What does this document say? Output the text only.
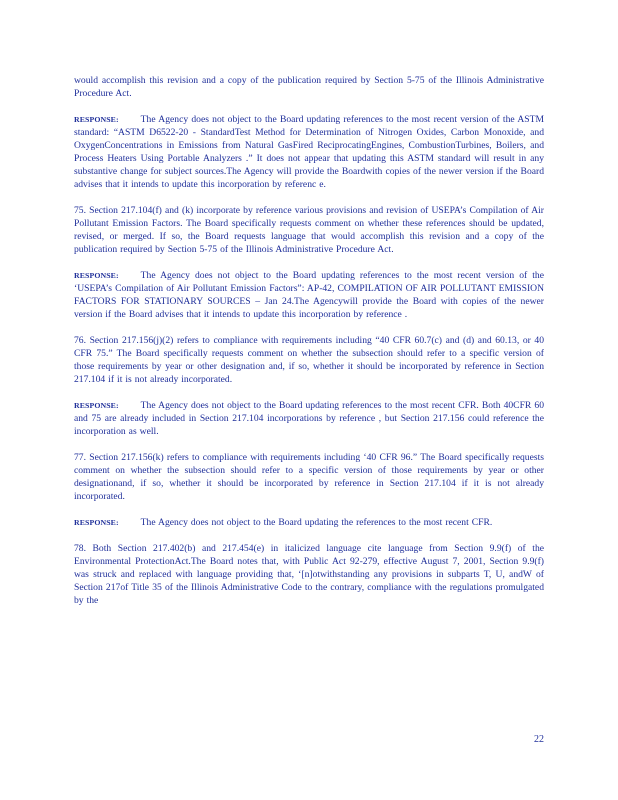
would accomplish this revision and a copy of the publication required by Section 5-75 of the Illinois Administrative Procedure Act.

RESPONSE: The Agency does not object to the Board updating references to the most recent version of the ASTM standard: “ASTM D6522-20 - StandardTest Method for Determination of Nitrogen Oxides, Carbon Monoxide, and OxygenConcentrations in Emissions from Natural GasFired ReciprocatingEngines, CombustionTurbines, Boilers, and Process Heaters Using Portable Analyzers .” It does not appear that updating this ASTM standard will result in any substantive change for subject sources.The Agency will provide the Boardwith copies of the newer version if the Board advises that it intends to update this incorporation by referenc e.

75. Section 217.104(f) and (k) incorporate by reference various provisions and revision of USEPA’s Compilation of Air Pollutant Emission Factors. The Board specifically requests comment on whether these references should be updated, revised, or merged. If so, the Board requests language that would accomplish this revision and a copy of the publication required by Section 5-75 of the Illinois Administrative Procedure Act.

RESPONSE: The Agency does not object to the Board updating references to the most recent version of the ‘USEPA’s Compilation of Air Pollutant Emission Factors”: AP-42, COMPILATION OF AIR POLLUTANT EMISSION FACTORS FOR STATIONARY SOURCES – Jan 24.The Agencywill provide the Board with copies of the newer version if the Board advises that it intends to update this incorporation by reference .

76. Section 217.156(j)(2) refers to compliance with requirements including “40 CFR 60.7(c) and (d) and 60.13, or 40 CFR 75.” The Board specifically requests comment on whether the subsection should refer to a specific version of those requirements by year or other designation and, if so, whether it should be incorporated by reference in Section 217.104 if it is not already incorporated.

RESPONSE: The Agency does not object to the Board updating references to the most recent CFR. Both 40CFR 60 and 75 are already included in Section 217.104 incorporations by reference , but Section 217.156 could reference the incorporation as well.

77. Section 217.156(k) refers to compliance with requirements including ‘40 CFR 96.” The Board specifically requests comment on whether the subsection should refer to a specific version of those requirements by year or other designationand, if so, whether it should be incorporated by reference in Section 217.104 if it is not already incorporated.

RESPONSE: The Agency does not object to the Board updating the references to the most recent CFR.

78. Both Section 217.402(b) and 217.454(e) in italicized language cite language from Section 9.9(f) of the Environmental ProtectionAct.The Board notes that, with Public Act 92-279, effective August 7, 2001, Section 9.9(f) was struck and replaced with language providing that, ‘[n]otwithstanding any provisions in subparts T, U, andW of Section 217of Title 35 of the Illinois Administrative Code to the contrary, compliance with the regulations promulgated by the

22
